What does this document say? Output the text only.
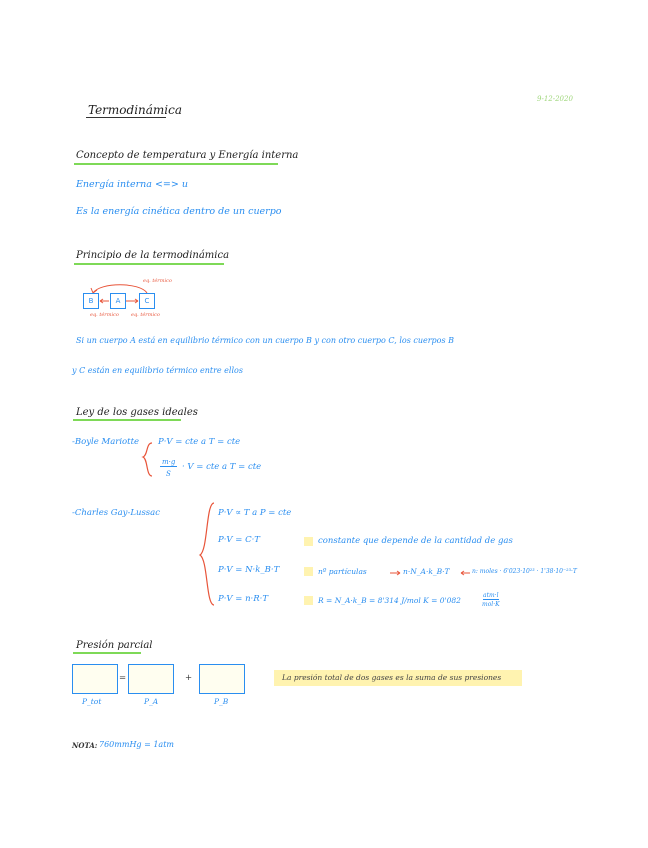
9-12-2020
Termodinámica
Concepto de temperatura y Energía interna
Energía interna <=> u
Es la energía cinética dentro de un cuerpo
Principio de la termodinámica
B	A	C
eq. térmico
eq. térmico eq. térmico
Si un cuerpo A está en equilibrio térmico con un cuerpo B y con otro cuerpo C, los cuerpos B
y C están en equilibrio térmico entre ellos
Ley de los gases ideales
-Boyle Mariotte P·V = cte a T = cte
m·g
S
· V = cte a T = cte
-Charles Gay-Lussac	P·V ∝ T a P = cte
P·V = C·T
P·V = N·k_B·T
P·V = n·R·T
constante que depende de la cantidad de gas
nº partículas	n·N_A·k_B·T	n: moles · 6'023·10²³ · 1'38·10⁻²³·T
R = N_A·k_B = 8'314 J/mol K = 0'082
atm·l
mol·K
Presión parcial
=	+
P_tot	P_A	P_B
La presión total de dos gases es la suma de sus presiones
NOTA: 760mmHg = 1atm
